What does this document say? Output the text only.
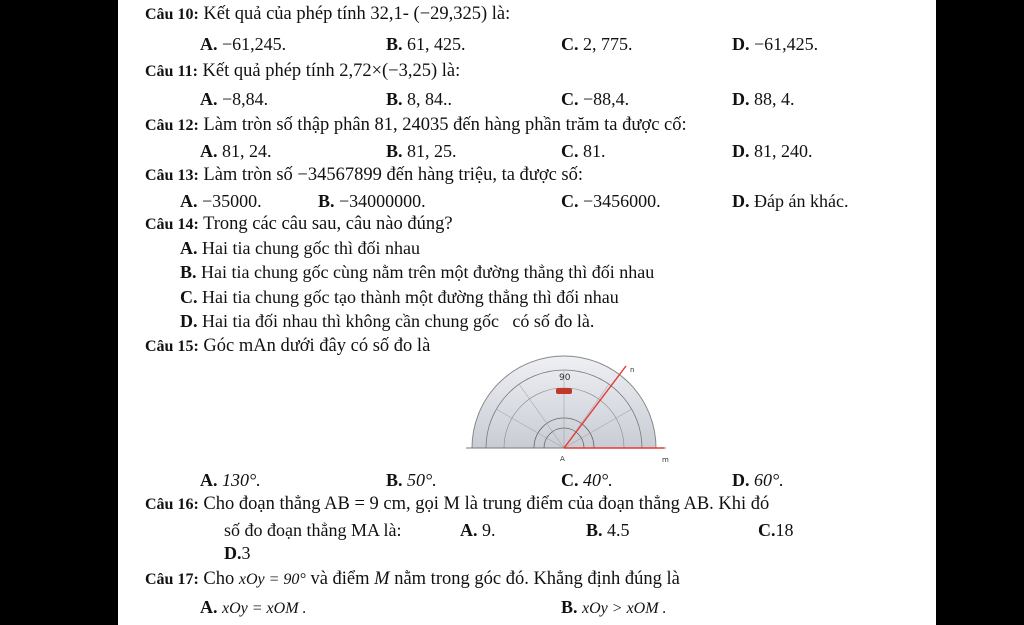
Câu 10: Kết quả của phép tính 32,1- (−29,325) là:
A. −61,245.	B. 61, 425.	C. 2, 775.	D. −61,425.
Câu 11: Kết quả phép tính 2,72×(−3,25) là:
A. −8,84.	B. 8, 84..	C. −88,4.	D. 88, 4.
Câu 12: Làm tròn số thập phân 81, 24035 đến hàng phần trăm ta được cố:
A. 81, 24.	B. 81, 25.	C. 81.	D. 81, 240.
Câu 13: Làm tròn số −34567899 đến hàng triệu, ta được số:
A. −35000.	B. −34000000.	C. −3456000.	D. Đáp án khác.
Câu 14: Trong các câu sau, câu nào đúng?
A. Hai tia chung gốc thì đối nhau
B. Hai tia chung gốc cùng nằm trên một đường thẳng thì đối nhau
C. Hai tia chung gốc tạo thành một đường thẳng thì đối nhau
D. Hai tia đối nhau thì không cần chung gốc   có số đo là.
Câu 15: Góc mAn dưới đây có số đo là
90
m
n
A
A. 130°.	B. 50°.	C. 40°.	D. 60°.
Câu 16: Cho đoạn thẳng AB = 9 cm, gọi M là trung điểm của đoạn thẳng AB. Khi đó
số đo đoạn thẳng MA là:	A. 9.	B. 4.5	C.18
D.3
Câu 17: Cho xOy = 90° và điểm M nằm trong góc đó. Khẳng định đúng là
A. xOy = xOM .	B. xOy > xOM .
